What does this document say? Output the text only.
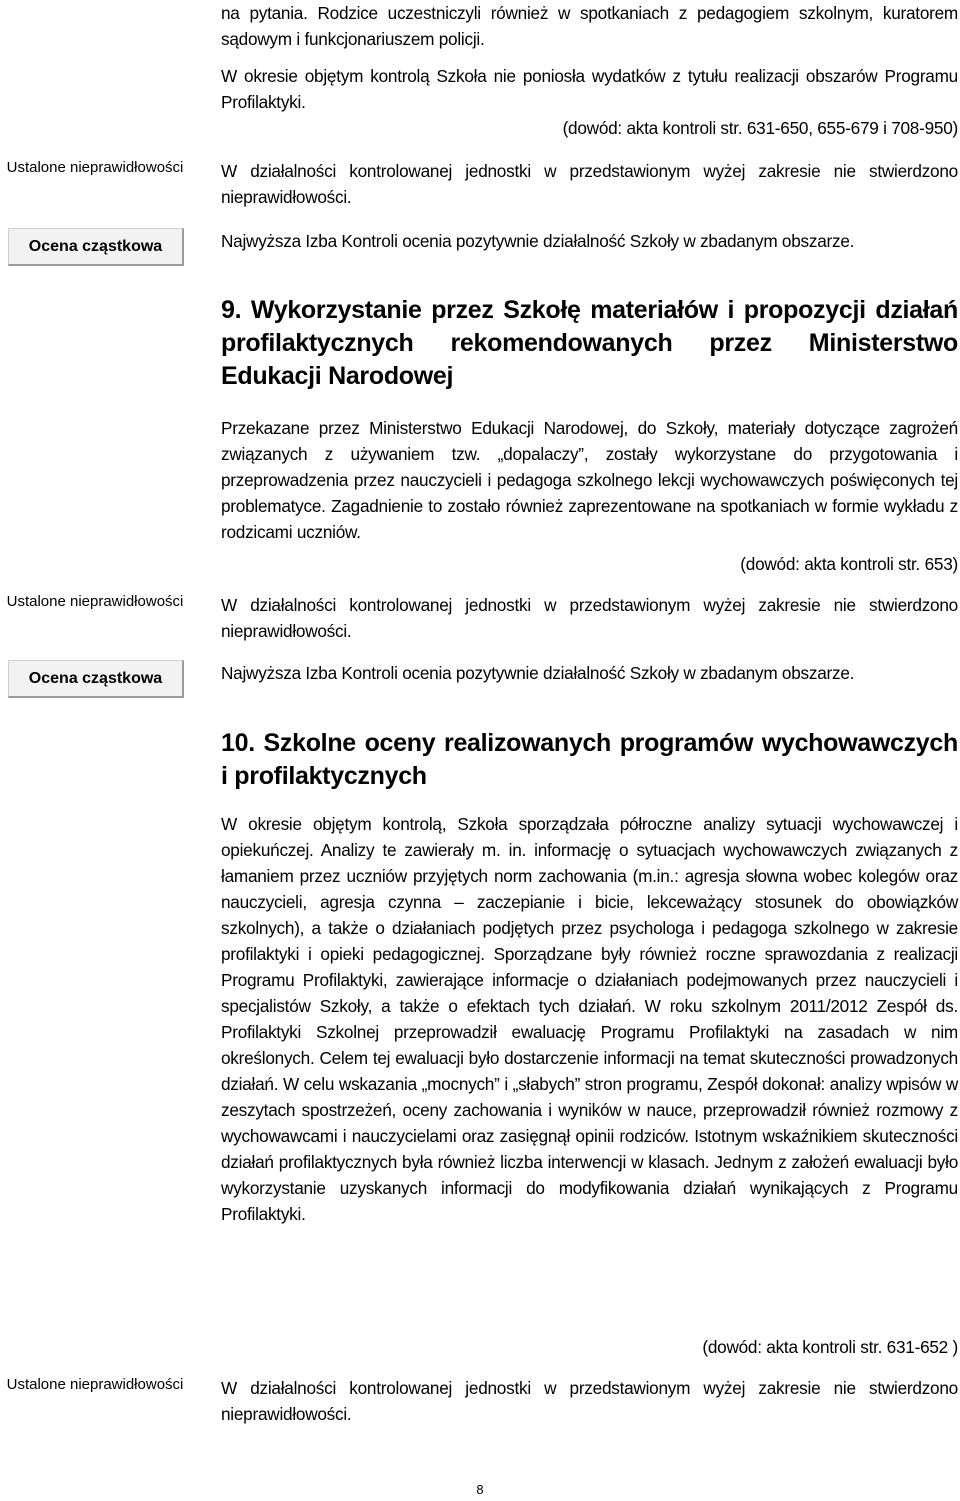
Ustalone nieprawidłowości
Ocena cząstkowa
Ustalone nieprawidłowości
Ocena cząstkowa
Ustalone nieprawidłowości

na pytania. Rodzice uczestniczyli również w spotkaniach z pedagogiem szkolnym, kuratorem sądowym i funkcjonariuszem policji.

W okresie objętym kontrolą Szkoła nie poniosła wydatków z tytułu realizacji obszarów Programu Profilaktyki.

(dowód: akta kontroli str. 631-650, 655-679 i 708-950)

W działalności kontrolowanej jednostki w przedstawionym wyżej zakresie nie stwierdzono nieprawidłowości.

Najwyższa Izba Kontroli ocenia pozytywnie działalność Szkoły w zbadanym obszarze.

9. Wykorzystanie przez Szkołę materiałów i propozycji działań profilaktycznych rekomendowanych przez Ministerstwo Edukacji Narodowej

Przekazane przez Ministerstwo Edukacji Narodowej, do Szkoły, materiały dotyczące zagrożeń związanych z używaniem tzw. „dopalaczy”, zostały wykorzystane do przygotowania i przeprowadzenia przez nauczycieli i pedagoga szkolnego lekcji wychowawczych poświęconych tej problematyce. Zagadnienie to zostało również zaprezentowane na spotkaniach w formie wykładu z rodzicami uczniów.

(dowód: akta kontroli str. 653)

W działalności kontrolowanej jednostki w przedstawionym wyżej zakresie nie stwierdzono nieprawidłowości.

Najwyższa Izba Kontroli ocenia pozytywnie działalność Szkoły w zbadanym obszarze.

10. Szkolne oceny realizowanych programów wychowawczych i profilaktycznych

W okresie objętym kontrolą, Szkoła sporządzała półroczne analizy sytuacji wychowawczej i opiekuńczej. Analizy te zawierały m. in. informację o sytuacjach wychowawczych związanych z łamaniem przez uczniów przyjętych norm zachowania (m.in.: agresja słowna wobec kolegów oraz nauczycieli, agresja czynna – zaczepianie i bicie, lekceważący stosunek do obowiązków szkolnych), a także o działaniach podjętych przez psychologa i pedagoga szkolnego w zakresie profilaktyki i opieki pedagogicznej. Sporządzane były również roczne sprawozdania z realizacji Programu Profilaktyki, zawierające informacje o działaniach podejmowanych przez nauczycieli i specjalistów Szkoły, a także o efektach tych działań. W roku szkolnym 2011/2012 Zespół ds. Profilaktyki Szkolnej przeprowadził ewaluację Programu Profilaktyki na zasadach w nim określonych. Celem tej ewaluacji było dostarczenie informacji na temat skuteczności prowadzonych działań. W celu wskazania „mocnych” i „słabych” stron programu, Zespół dokonał: analizy wpisów w zeszytach spostrzeżeń, oceny zachowania i wyników w nauce, przeprowadził również rozmowy z wychowawcami i nauczycielami oraz zasięgnął opinii rodziców. Istotnym wskaźnikiem skuteczności działań profilaktycznych była również liczba interwencji w klasach. Jednym z założeń ewaluacji było wykorzystanie uzyskanych informacji do modyfikowania działań wynikających z Programu Profilaktyki.

(dowód: akta kontroli str. 631-652 )

W działalności kontrolowanej jednostki w przedstawionym wyżej zakresie nie stwierdzono nieprawidłowości.

8
